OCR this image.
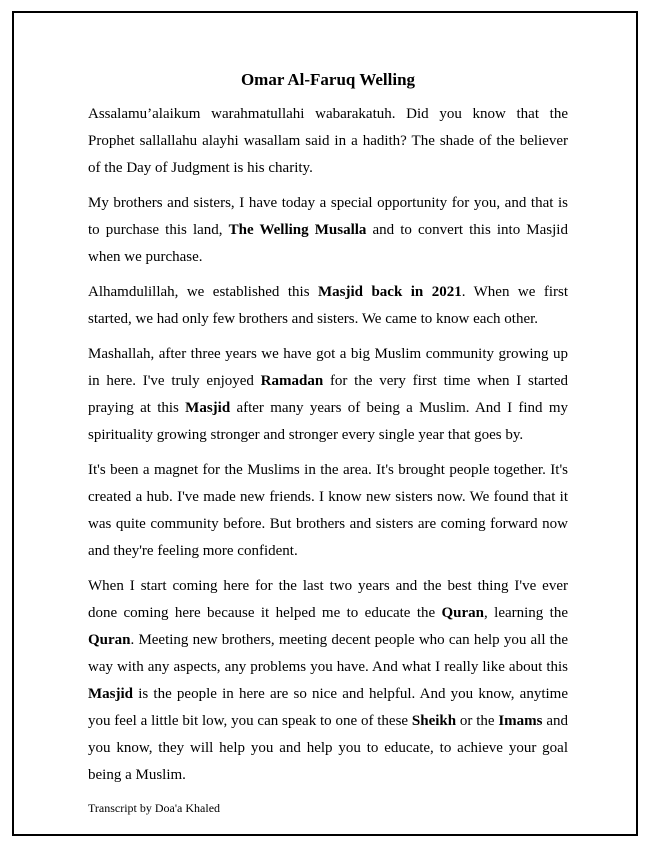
Omar Al-Faruq Welling

Assalamu’alaikum warahmatullahi wabarakatuh. Did you know that the Prophet sallallahu alayhi wasallam said in a hadith? The shade of the believer of the Day of Judgment is his charity.

My brothers and sisters, I have today a special opportunity for you, and that is to purchase this land, The Welling Musalla and to convert this into Masjid when we purchase.

Alhamdulillah, we established this Masjid back in 2021. When we first started, we had only few brothers and sisters. We came to know each other.

Mashallah, after three years we have got a big Muslim community growing up in here. I've truly enjoyed Ramadan for the very first time when I started praying at this Masjid after many years of being a Muslim. And I find my spirituality growing stronger and stronger every single year that goes by.

It's been a magnet for the Muslims in the area. It's brought people together. It's created a hub. I've made new friends. I know new sisters now. We found that it was quite community before. But brothers and sisters are coming forward now and they're feeling more confident.

When I start coming here for the last two years and the best thing I've ever done coming here because it helped me to educate the Quran, learning the Quran. Meeting new brothers, meeting decent people who can help you all the way with any aspects, any problems you have. And what I really like about this Masjid is the people in here are so nice and helpful. And you know, anytime you feel a little bit low, you can speak to one of these Sheikh or the Imams and you know, they will help you and help you to educate, to achieve your goal being a Muslim.

Transcript by Doa'a Khaled
